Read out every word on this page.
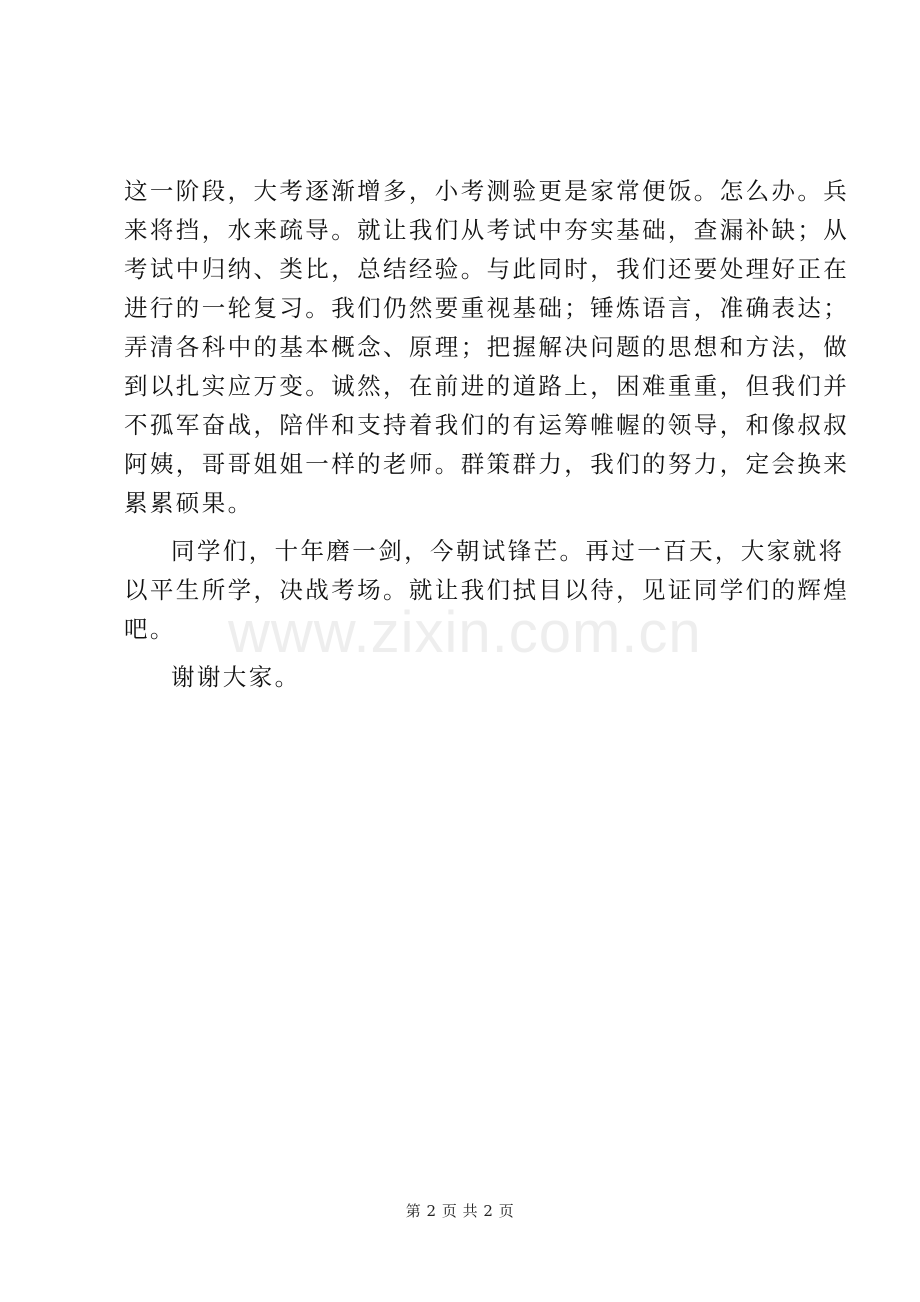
这一阶段，大考逐渐增多，小考测验更是家常便饭。怎么办。兵
来将挡，水来疏导。就让我们从考试中夯实基础，查漏补缺；从
考试中归纳、类比，总结经验。与此同时，我们还要处理好正在
进行的一轮复习。我们仍然要重视基础；锤炼语言，准确表达；
弄清各科中的基本概念、原理；把握解决问题的思想和方法，做
到以扎实应万变。诚然，在前进的道路上，困难重重，但我们并
不孤军奋战，陪伴和支持着我们的有运筹帷幄的领导，和像叔叔
阿姨，哥哥姐姐一样的老师。群策群力，我们的努力，定会换来
累累硕果。
同学们，十年磨一剑，今朝试锋芒。再过一百天，大家就将
以平生所学，决战考场。就让我们拭目以待，见证同学们的辉煌
吧。
谢谢大家。
www.zixin.com.cn
第 2 页 共 2 页
